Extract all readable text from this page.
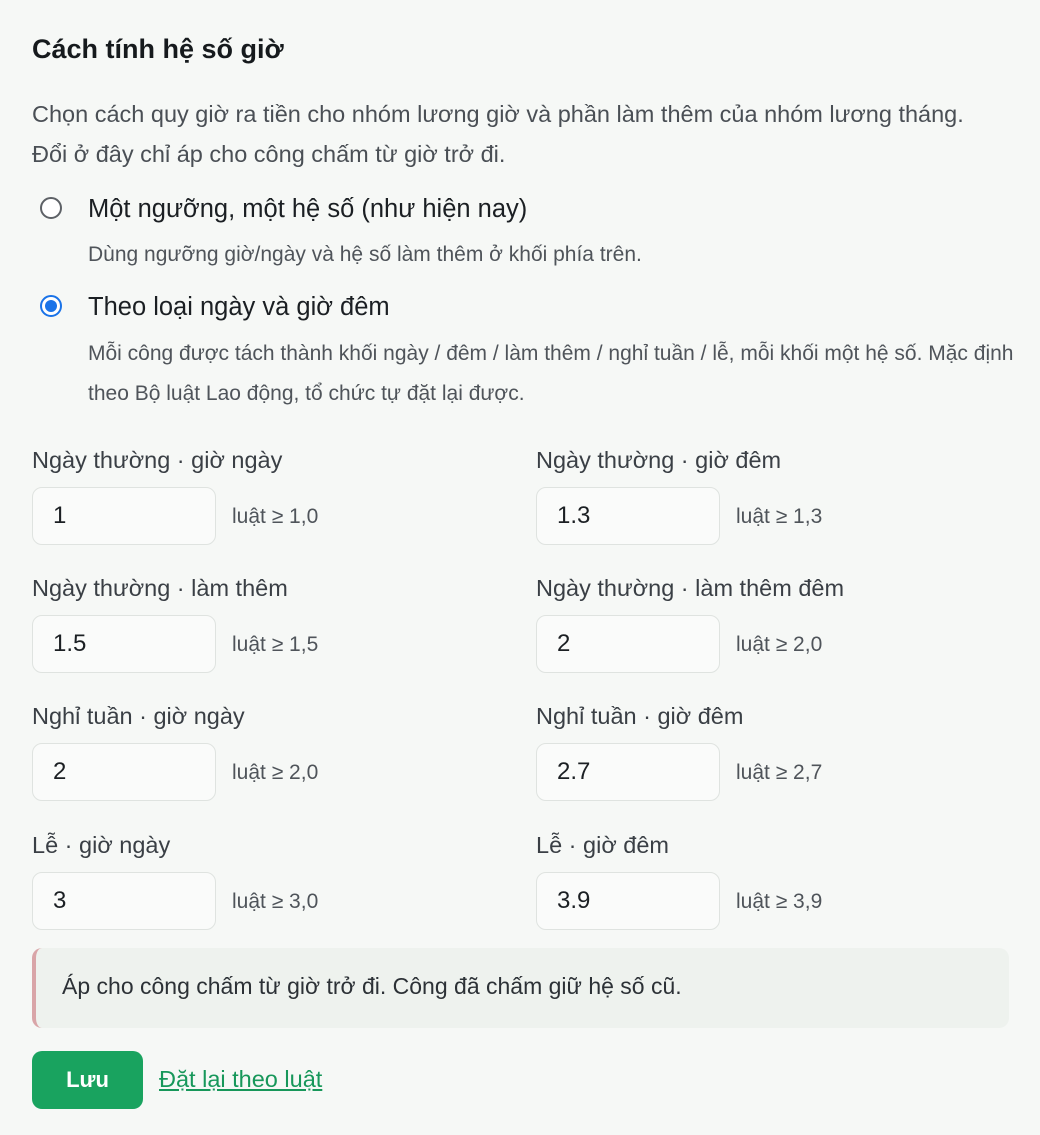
Cách tính hệ số giờ
Chọn cách quy giờ ra tiền cho nhóm lương giờ và phần làm thêm của nhóm lương tháng. Đổi ở đây chỉ áp cho công chấm từ giờ trở đi.
Một ngưỡng, một hệ số (như hiện nay)
Dùng ngưỡng giờ/ngày và hệ số làm thêm ở khối phía trên.
Theo loại ngày và giờ đêm
Mỗi công được tách thành khối ngày / đêm / làm thêm / nghỉ tuần / lễ, mỗi khối một hệ số. Mặc định theo Bộ luật Lao động, tổ chức tự đặt lại được.
Ngày thường · giờ ngày
1
luật ≥ 1,0
Ngày thường · giờ đêm
1.3
luật ≥ 1,3
Ngày thường · làm thêm
1.5
luật ≥ 1,5
Ngày thường · làm thêm đêm
2
luật ≥ 2,0
Nghỉ tuần · giờ ngày
2
luật ≥ 2,0
Nghỉ tuần · giờ đêm
2.7
luật ≥ 2,7
Lễ · giờ ngày
3
luật ≥ 3,0
Lễ · giờ đêm
3.9
luật ≥ 3,9
Áp cho công chấm từ giờ trở đi. Công đã chấm giữ hệ số cũ.
Lưu	Đặt lại theo luật
